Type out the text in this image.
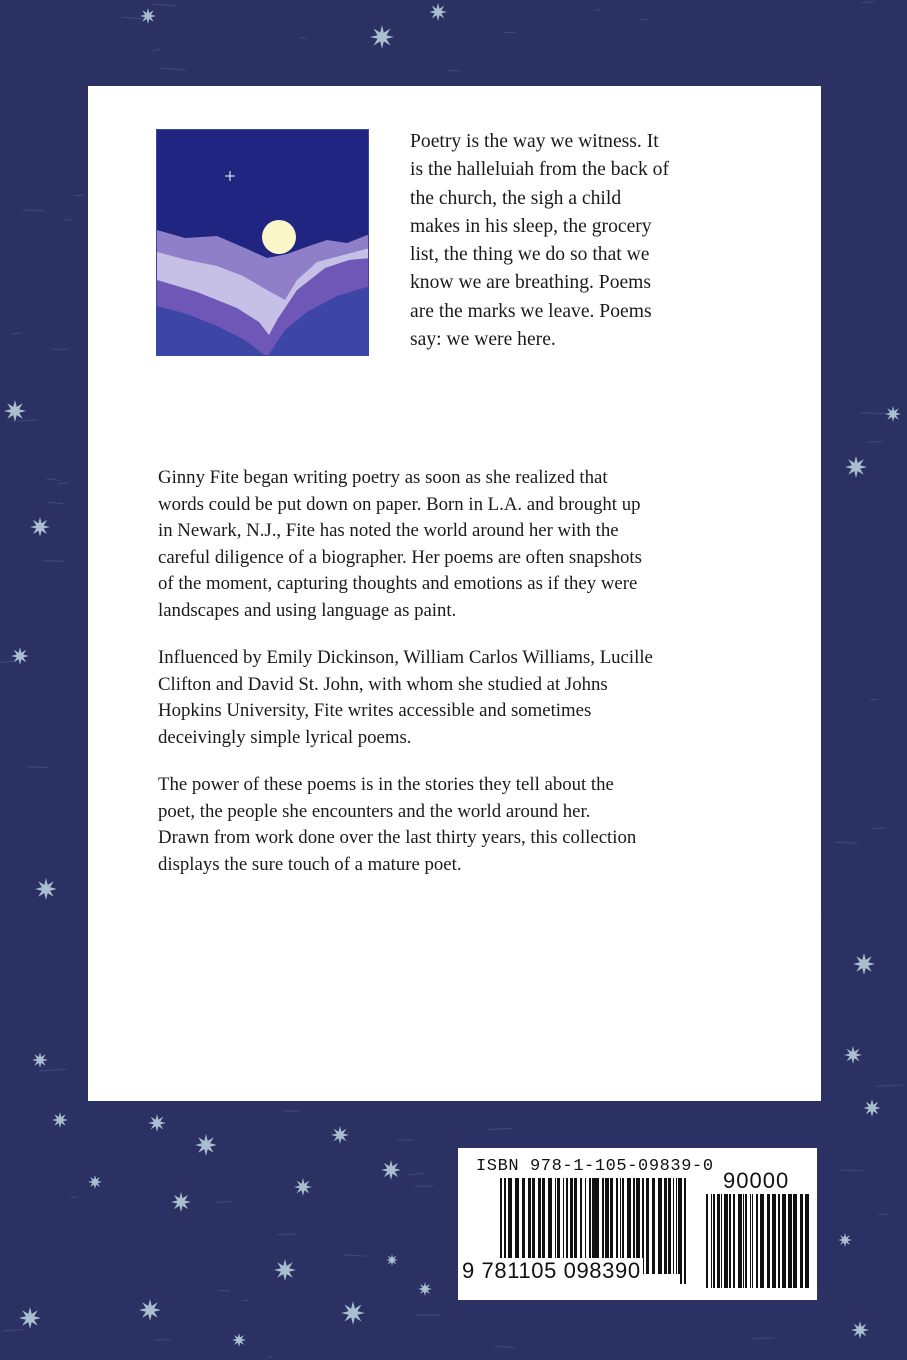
Poetry is the way we witness. It
is the halleluiah from the back of
the church, the sigh a child
makes in his sleep, the grocery
list, the thing we do so that we
know we are breathing. Poems
are the marks we leave. Poems
say: we were here.
Ginny Fite began writing poetry as soon as she realized that
words could be put down on paper. Born in L.A. and brought up
in Newark, N.J., Fite has noted the world around her with the
careful diligence of a biographer. Her poems are often snapshots
of the moment, capturing thoughts and emotions as if they were
landscapes and using language as paint.
Influenced by Emily Dickinson, William Carlos Williams, Lucille
Clifton and David St. John, with whom she studied at Johns
Hopkins University, Fite writes accessible and sometimes
deceivingly simple lyrical poems.
The power of these poems is in the stories they tell about the
poet, the people she encounters and the world around her.
Drawn from work done over the last thirty years, this collection
displays the sure touch of a mature poet.
ISBN 978-1-105-09839-0
90000
9 781105 098390
